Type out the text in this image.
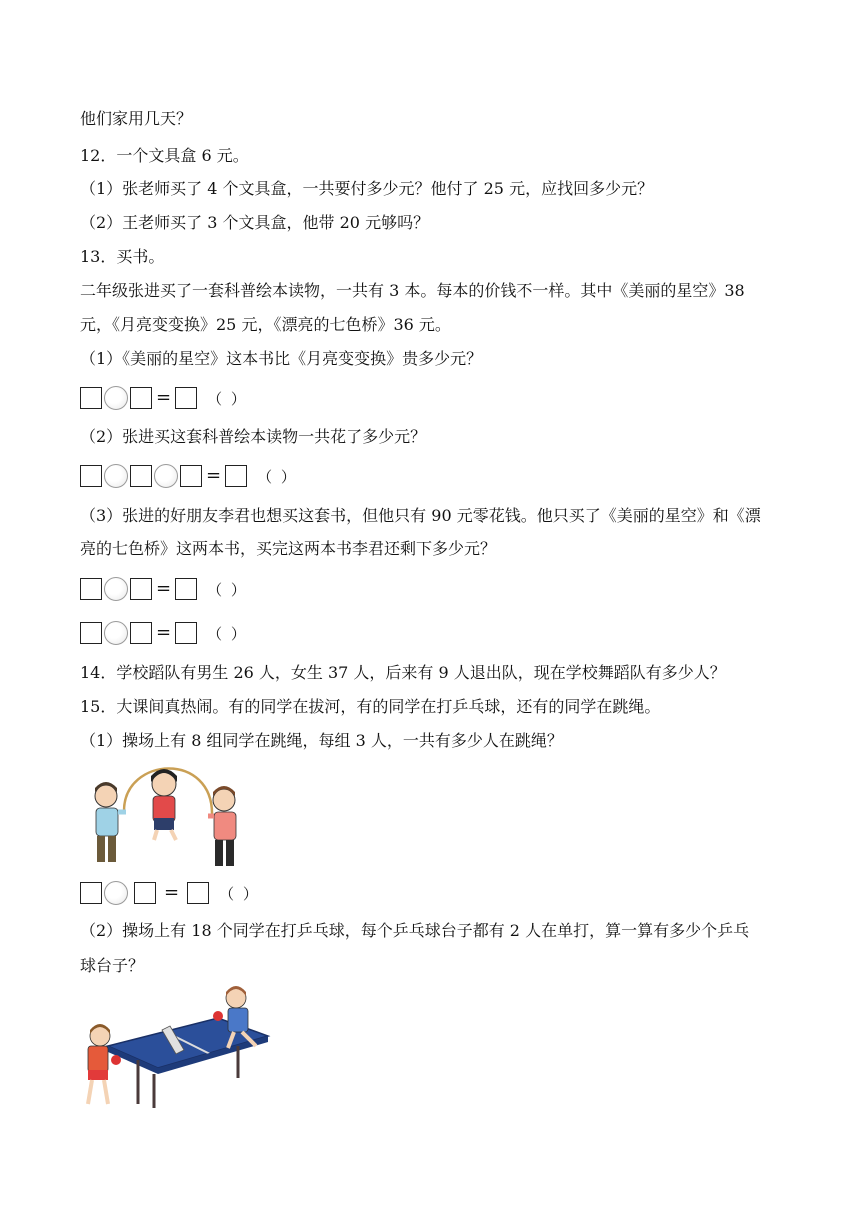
他们家用几天？
12．一个文具盒 6 元。
（1）张老师买了 4 个文具盒，一共要付多少元？他付了 25 元，应找回多少元？
（2）王老师买了 3 个文具盒，他带 20 元够吗？
13．买书。
二年级张进买了一套科普绘本读物，一共有 3 本。每本的价钱不一样。其中《美丽的星空》38
元，《月亮变变换》25 元，《漂亮的七色桥》36 元。
（1）《美丽的星空》这本书比《月亮变变换》贵多少元？
= （ ）
（2）张进买这套科普绘本读物一共花了多少元？
= （ ）
（3）张进的好朋友李君也想买这套书，但他只有 90 元零花钱。他只买了《美丽的星空》和《漂
亮的七色桥》这两本书，买完这两本书李君还剩下多少元？
= （ ）
= （ ）
14．学校蹈队有男生 26 人，女生 37 人，后来有 9 人退出队，现在学校舞蹈队有多少人？
15．大课间真热闹。有的同学在拔河，有的同学在打乒乓球，还有的同学在跳绳。
（1）操场上有 8 组同学在跳绳，每组 3 人，一共有多少人在跳绳？
=	（ ）
（2）操场上有 18 个同学在打乒乓球，每个乒乓球台子都有 2 人在单打，算一算有多少个乒乓
球台子？
